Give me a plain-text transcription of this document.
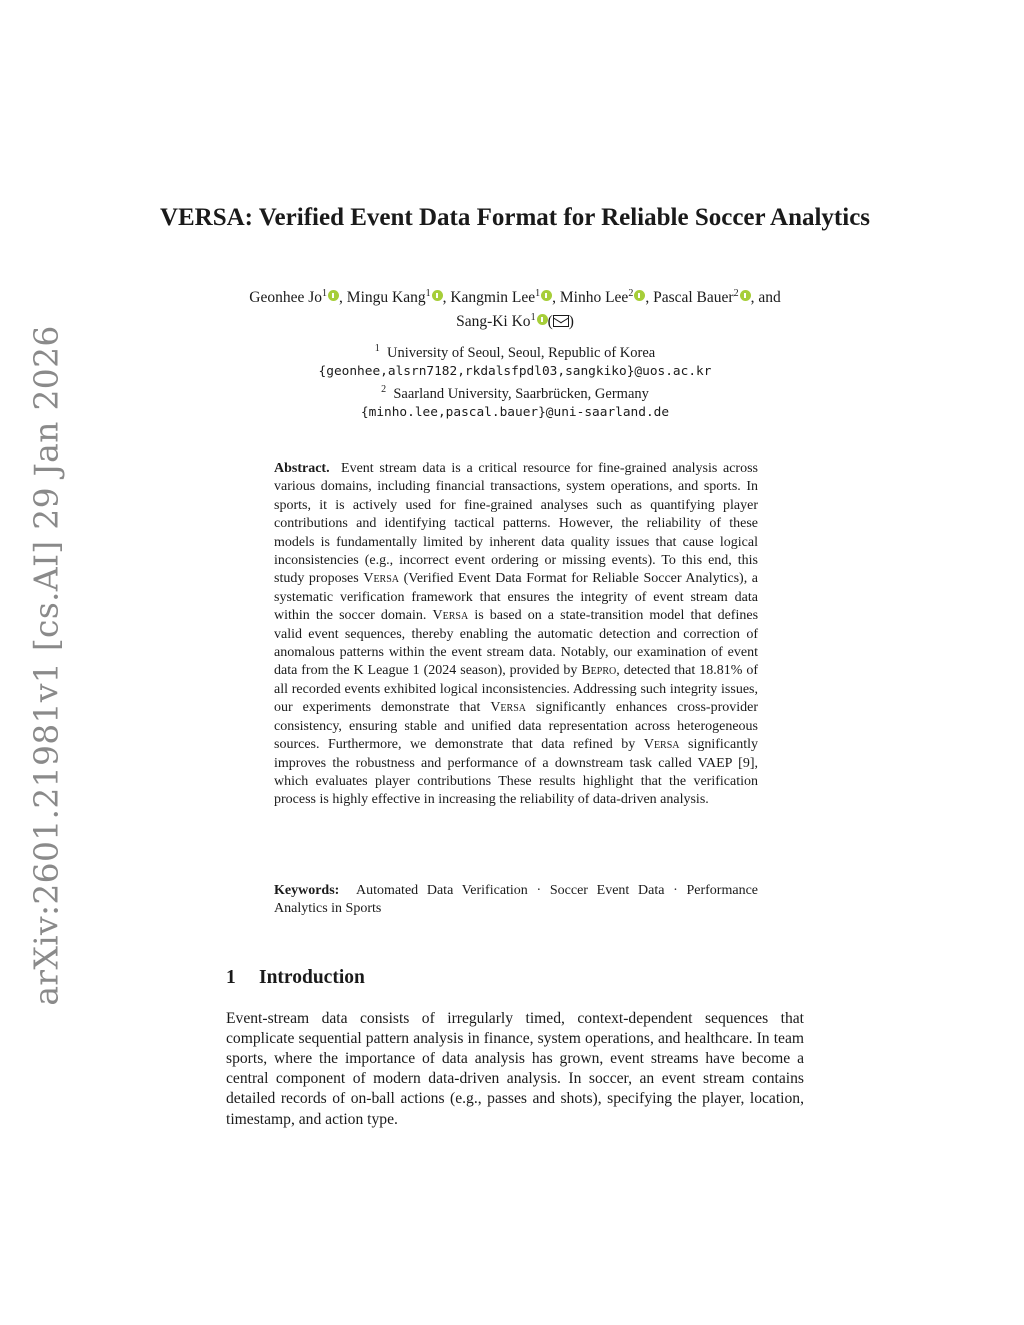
arXiv:2601.21981v1 [cs.AI] 29 Jan 2026
VERSA: Verified Event Data Format for Reliable Soccer Analytics
Geonhee Jo$^1$ , Mingu Kang$^1$ , Kangmin Lee$^1$ , Minho Lee$^2$ , Pascal Bauer$^2$ , and Sang-Ki Ko$^1$ ( )
$^1$ University of Seoul, Seoul, Republic of Korea
{geonhee,alsrn7182,rkdalsfpdl03,sangkiko}@uos.ac.kr
$^2$ Saarland University, Saarbrücken, Germany
{minho.lee,pascal.bauer}@uni-saarland.de
Abstract. Event stream data is a critical resource for fine-grained analysis across various domains, including financial transactions, system operations, and sports. In sports, it is actively used for fine-grained analyses such as quantifying player contributions and identifying tactical patterns. However, the reliability of these models is fundamentally limited by inherent data quality issues that cause logical inconsistencies (e.g., incorrect event ordering or missing events). To this end, this study proposes Versa (Verified Event Data Format for Reliable Soccer Analytics), a systematic verification framework that ensures the integrity of event stream data within the soccer domain. Versa is based on a state-transition model that defines valid event sequences, thereby enabling the automatic detection and correction of anomalous patterns within the event stream data. Notably, our examination of event data from the K League 1 (2024 season), provided by Bepro, detected that 18.81% of all recorded events exhibited logical inconsistencies. Addressing such integrity issues, our experiments demonstrate that Versa significantly enhances cross-provider consistency, ensuring stable and unified data representation across heterogeneous sources. Furthermore, we demonstrate that data refined by Versa significantly improves the robustness and performance of a downstream task called VAEP [9], which evaluates player contributions These results highlight that the verification process is highly effective in increasing the reliability of data-driven analysis.
Keywords: Automated Data Verification · Soccer Event Data · Performance Analytics in Sports
1 Introduction

Event-stream data consists of irregularly timed, context-dependent sequences that complicate sequential pattern analysis in finance, system operations, and healthcare. In team sports, where the importance of data analysis has grown, event streams have become a central component of modern data-driven analysis. In soccer, an event stream contains detailed records of on-ball actions (e.g., passes and shots), specifying the player, location, timestamp, and action type.
